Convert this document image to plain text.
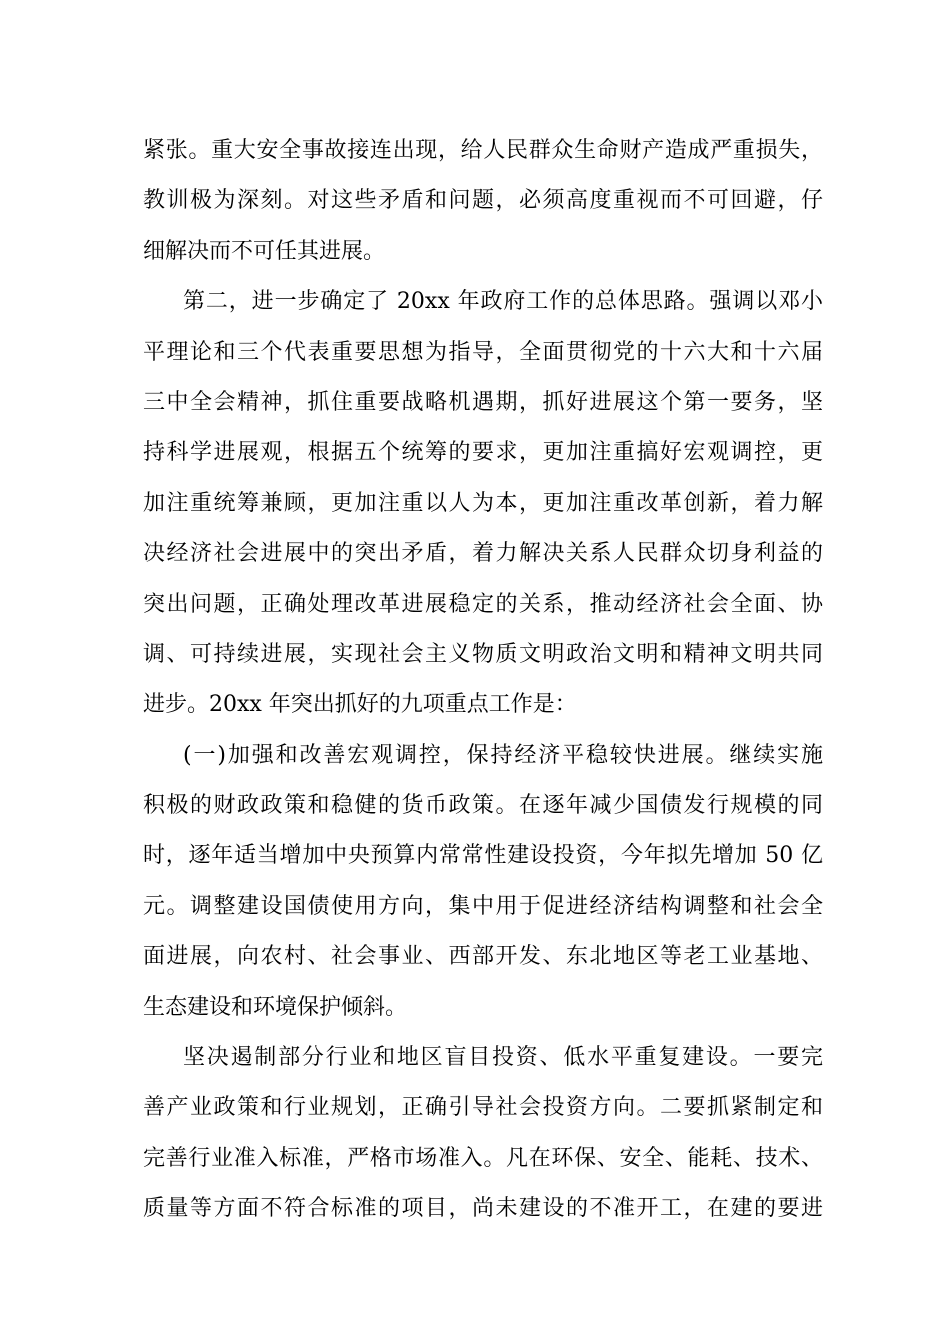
紧张。重大安全事故接连出现，给人民群众生命财产造成严重损失，
教训极为深刻。对这些矛盾和问题，必须高度重视而不可回避，仔
细解决而不可任其进展。
第二，进一步确定了 20xx 年政府工作的总体思路。强调以邓小
平理论和三个代表重要思想为指导，全面贯彻党的十六大和十六届
三中全会精神，抓住重要战略机遇期，抓好进展这个第一要务，坚
持科学进展观，根据五个统筹的要求，更加注重搞好宏观调控，更
加注重统筹兼顾，更加注重以人为本，更加注重改革创新，着力解
决经济社会进展中的突出矛盾，着力解决关系人民群众切身利益的
突出问题，正确处理改革进展稳定的关系，推动经济社会全面、协
调、可持续进展，实现社会主义物质文明政治文明和精神文明共同
进步。20xx 年突出抓好的九项重点工作是：
(一)加强和改善宏观调控，保持经济平稳较快进展。继续实施
积极的财政政策和稳健的货币政策。在逐年减少国债发行规模的同
时，逐年适当增加中央预算内常常性建设投资，今年拟先增加 50 亿
元。调整建设国债使用方向，集中用于促进经济结构调整和社会全
面进展，向农村、社会事业、西部开发、东北地区等老工业基地、
生态建设和环境保护倾斜。
坚决遏制部分行业和地区盲目投资、低水平重复建设。一要完
善产业政策和行业规划，正确引导社会投资方向。二要抓紧制定和
完善行业准入标准，严格市场准入。凡在环保、安全、能耗、技术、
质量等方面不符合标准的项目，尚未建设的不准开工，在建的要进
